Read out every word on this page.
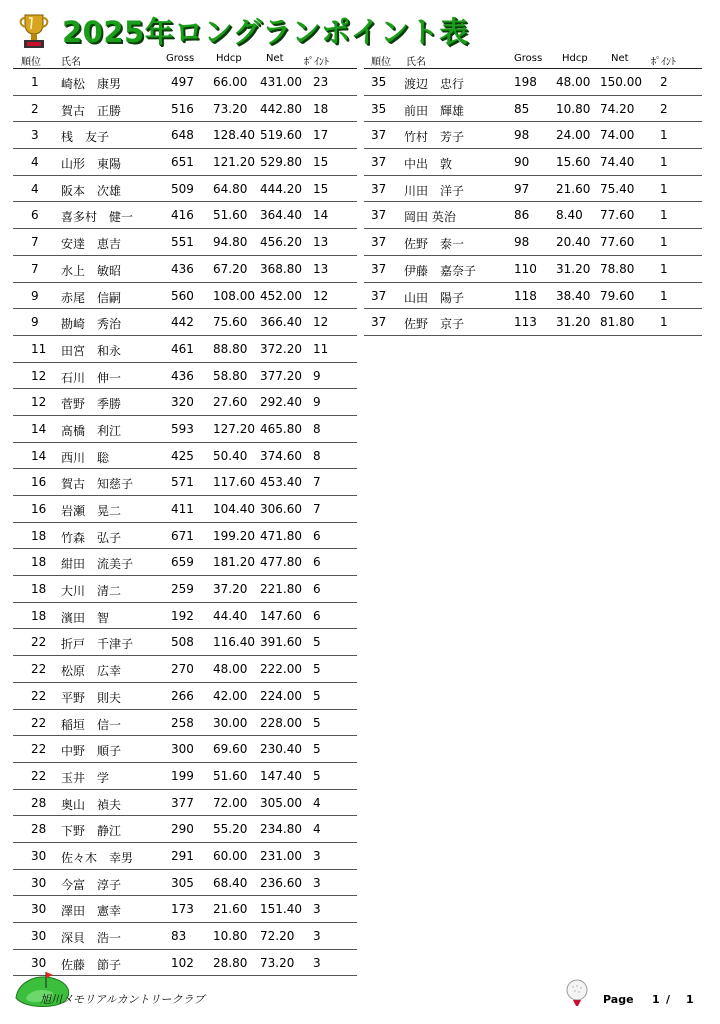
2025年ロングランポイント表
順位 氏名	Gross Hdcp Net ﾎﾟｲﾝﾄ
1 崎松　康男	497 66.00 431.00 23
2 賀古　正勝	516 73.20 442.80 18
3 桟　友子	648 128.40 519.60 17
4 山形　東陽	651 121.20 529.80 15
4 阪本　次雄	509 64.80 444.20 15
6 喜多村　健一	416 51.60 364.40 14
7 安達　恵吉	551 94.80 456.20 13
7 水上　敏昭	436 67.20 368.80 13
9 赤尾　信嗣	560 108.00 452.00 12
9 勘崎　秀治	442 75.60 366.40 12
11 田宮　和永	461 88.80 372.20 11
12 石川　伸一	436 58.80 377.20 9
12 菅野　季勝	320 27.60 292.40 9
14 髙橋　利江	593 127.20 465.80 8
14 西川　聡	425 50.40 374.60 8
16 賀古　知慈子	571 117.60 453.40 7
16 岩瀬　晃二	411 104.40 306.60 7
18 竹森　弘子	671 199.20 471.80 6
18 紺田　流美子	659 181.20 477.80 6
18 大川　清二	259 37.20 221.80 6
18 濱田　智	192 44.40 147.60 6
22 折戸　千津子	508 116.40 391.60 5
22 松原　広幸	270 48.00 222.00 5
22 平野　則夫	266 42.00 224.00 5
22 稲垣　信一	258 30.00 228.00 5
22 中野　順子	300 69.60 230.40 5
22 玉井　学	199 51.60 147.40 5
28 奥山　禎夫	377 72.00 305.00 4
28 下野　静江	290 55.20 234.80 4
30 佐々木　幸男	291 60.00 231.00 3
30 今富　淳子	305 68.40 236.60 3
30 澤田　憲幸	173 21.60 151.40 3
30 深貝　浩一	83 10.80 72.20 3
30 佐藤　節子	102 28.80 73.20 3
順位 氏名	Gross Hdcp Net ﾎﾟｲﾝﾄ
35 渡辺　忠行	198 48.00 150.00 2
35 前田　輝雄	85 10.80 74.20 2
37 竹村　芳子	98 24.00 74.00 1
37 中出　敦	90 15.60 74.40 1
37 川田　洋子	97 21.60 75.40 1
37 岡田 英治	86 8.40 77.60 1
37 佐野　泰一	98 20.40 77.60 1
37 伊藤　嘉奈子	110 31.20 78.80 1
37 山田　陽子	118 38.40 79.60 1
37 佐野　京子	113 31.20 81.80 1
旭川メモリアルカントリークラブ	Page 1 / 1
